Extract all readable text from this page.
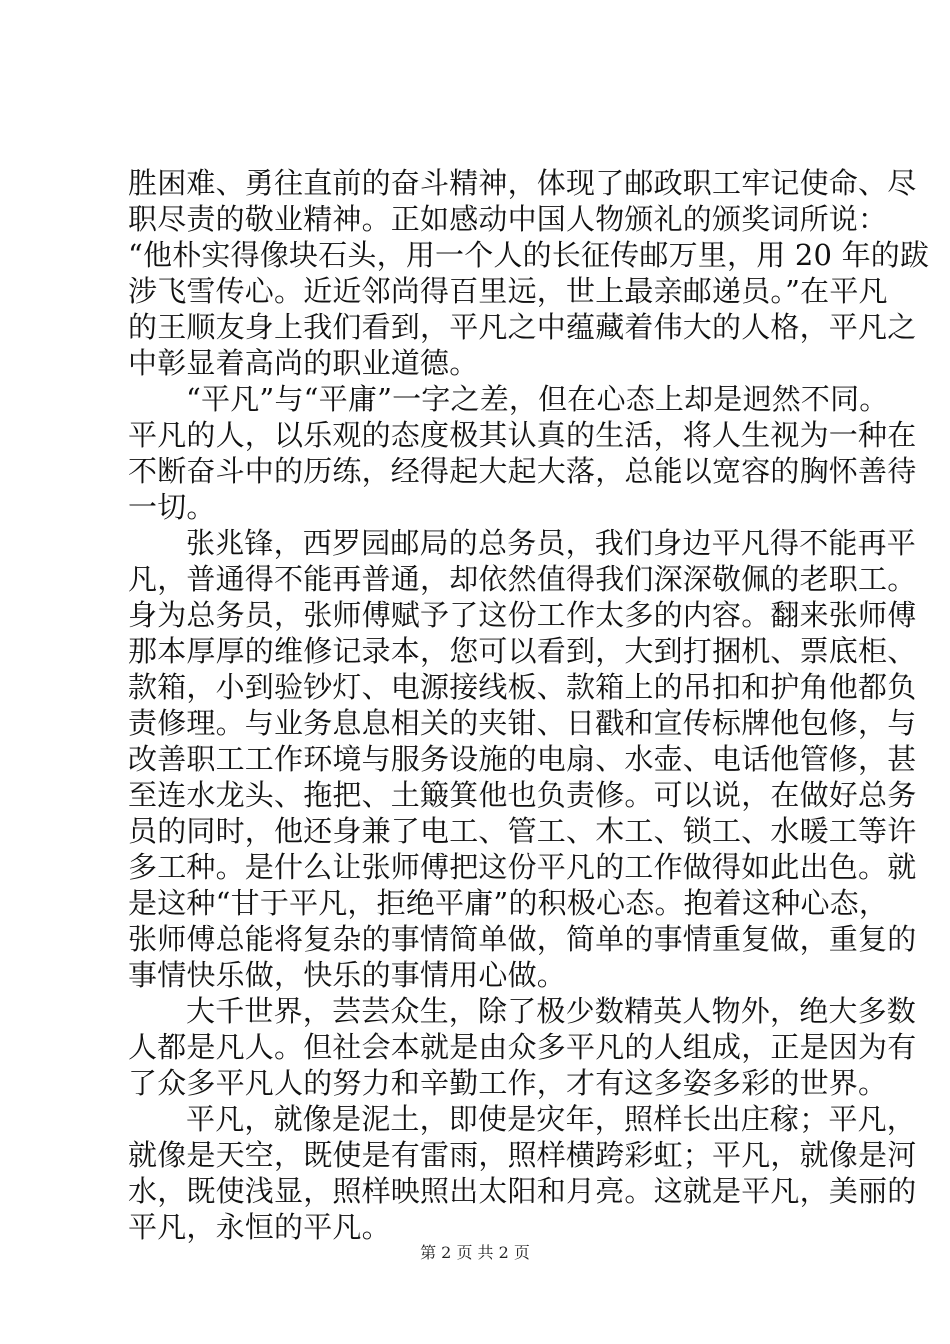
胜困难、勇往直前的奋斗精神，体现了邮政职工牢记使命、尽
职尽责的敬业精神。正如感动中国人物颁礼的颁奖词所说：
“他朴实得像块石头，用一个人的长征传邮万里，用 20 年的跋
涉飞雪传心。近近邻尚得百里远，世上最亲邮递员。”在平凡
的王顺友身上我们看到，平凡之中蕴藏着伟大的人格，平凡之
中彰显着高尚的职业道德。
“平凡”与“平庸”一字之差，但在心态上却是迥然不同。
平凡的人，以乐观的态度极其认真的生活，将人生视为一种在
不断奋斗中的历练，经得起大起大落，总能以宽容的胸怀善待
一切。
张兆锋，西罗园邮局的总务员，我们身边平凡得不能再平
凡，普通得不能再普通，却依然值得我们深深敬佩的老职工。
身为总务员，张师傅赋予了这份工作太多的内容。翻来张师傅
那本厚厚的维修记录本，您可以看到，大到打捆机、票底柜、
款箱，小到验钞灯、电源接线板、款箱上的吊扣和护角他都负
责修理。与业务息息相关的夹钳、日戳和宣传标牌他包修，与
改善职工工作环境与服务设施的电扇、水壶、电话他管修，甚
至连水龙头、拖把、土簸箕他也负责修。可以说，在做好总务
员的同时，他还身兼了电工、管工、木工、锁工、水暖工等许
多工种。是什么让张师傅把这份平凡的工作做得如此出色。就
是这种“甘于平凡，拒绝平庸”的积极心态。抱着这种心态，
张师傅总能将复杂的事情简单做，简单的事情重复做，重复的
事情快乐做，快乐的事情用心做。
大千世界，芸芸众生，除了极少数精英人物外，绝大多数
人都是凡人。但社会本就是由众多平凡的人组成，正是因为有
了众多平凡人的努力和辛勤工作，才有这多姿多彩的世界。
平凡，就像是泥土，即使是灾年，照样长出庄稼；平凡，
就像是天空，既使是有雷雨，照样横跨彩虹；平凡，就像是河
水，既使浅显，照样映照出太阳和月亮。这就是平凡，美丽的
平凡，永恒的平凡。
第 2 页 共 2 页
